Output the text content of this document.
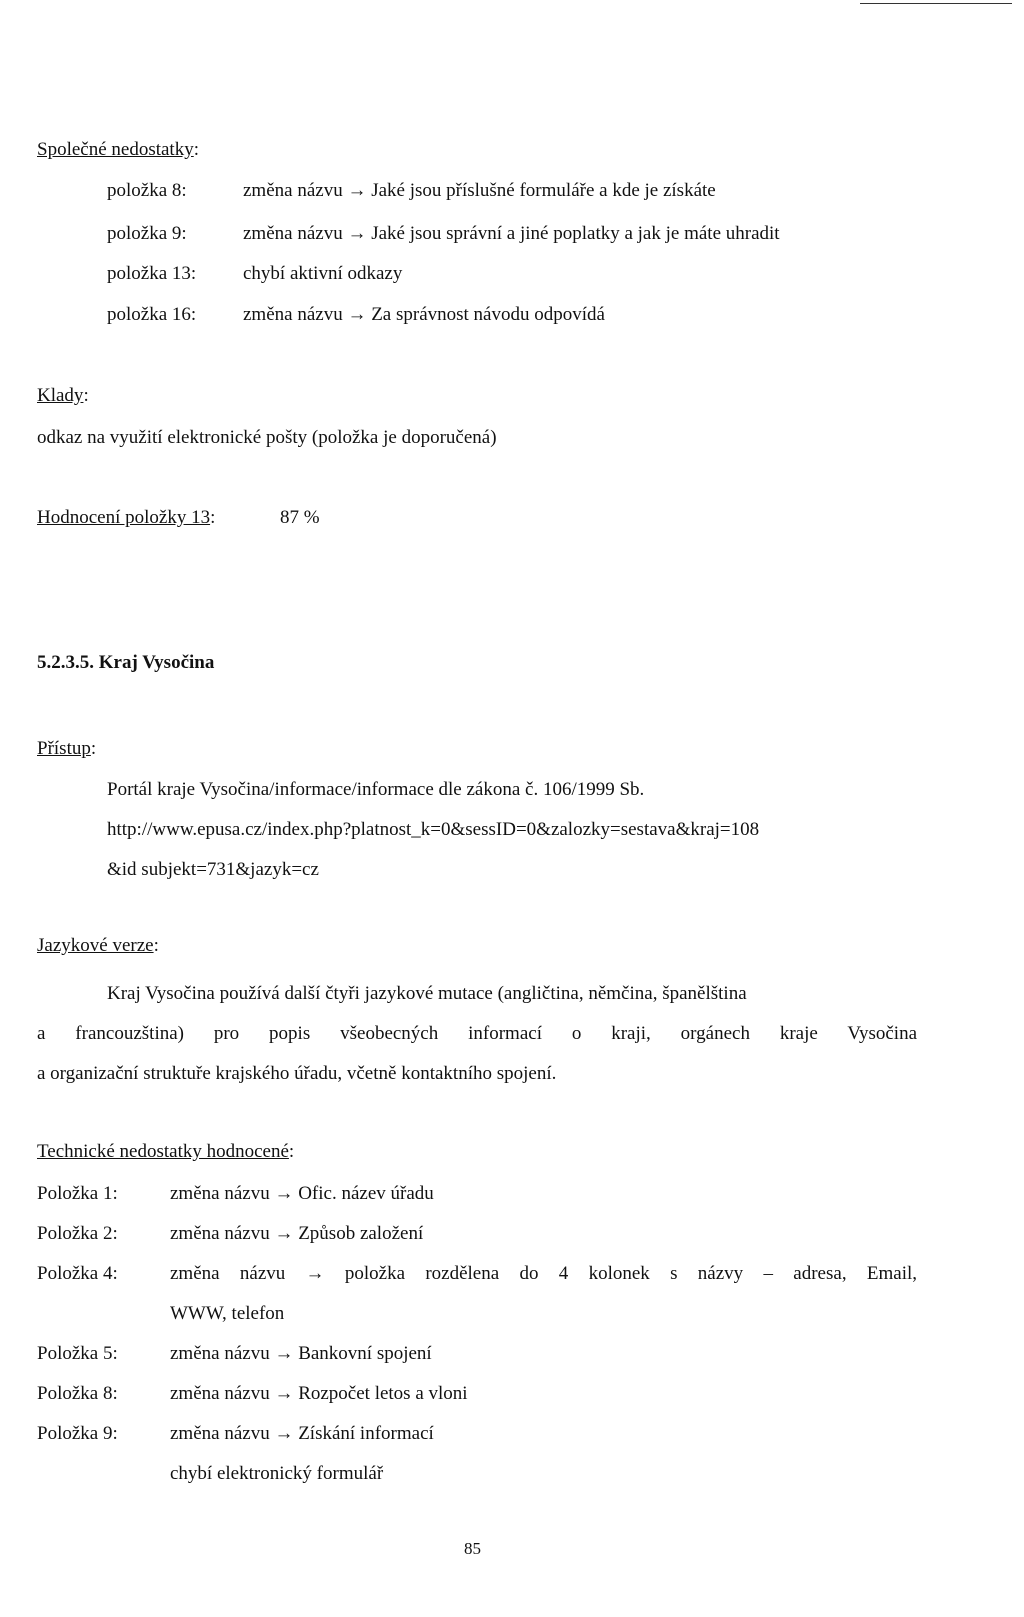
Společné nedostatky:
položka 8:	změna názvu → Jaké jsou příslušné formuláře a kde je získáte
položka 9:	změna názvu → Jaké jsou správní a jiné poplatky a jak je máte uhradit
položka 13: chybí aktivní odkazy
položka 16: změna názvu → Za správnost návodu odpovídá
Klady:
odkaz na využití elektronické pošty (položka je doporučená)
Hodnocení položky 13:	87 %
5.2.3.5. Kraj Vysočina
Přístup:
Portál kraje Vysočina/informace/informace dle zákona č. 106/1999 Sb.
http://www.epusa.cz/index.php?platnost_k=0&sessID=0&zalozky=sestava&kraj=108
&id subjekt=731&jazyk=cz
Jazykové verze:
Kraj Vysočina používá další čtyři jazykové mutace (angličtina, němčina, španělština
a francouzština) pro popis všeobecných informací o kraji, orgánech kraje Vysočina
a organizační struktuře krajského úřadu, včetně kontaktního spojení.
Technické nedostatky hodnocené:
Položka 1:	změna názvu → Ofic. název úřadu
Položka 2:	změna názvu → Způsob založení
Položka 4:	změna názvu → položka rozdělena do 4 kolonek s názvy – adresa, Email,
WWW, telefon
Položka 5:	změna názvu → Bankovní spojení
Položka 8:	změna názvu → Rozpočet letos a vloni
Položka 9:	změna názvu → Získání informací
chybí elektronický formulář
85
